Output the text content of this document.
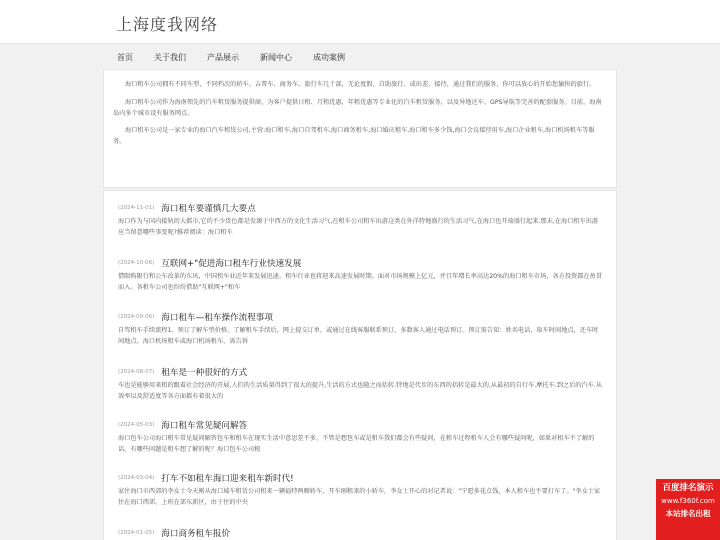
上海度我网络
首页	关于我们	产品展示	新闻中心	成功案例

海口租车公司拥有不同车型、不同档次的轿车、吉普车、商务车、旅行车几十部，无论度假、自助旅行、或出差、接待，通过我们的服务，你可以放心的开始您愉快的旅行。

海口租车公司作为海南领先的汽车租赁服务提供商，为客户提供日租、月租优惠，年租优惠等专业化的汽车租赁服务，以及异地还车、GPS导航等完善的配套服务。目前，海南岛内多个城市设有服务网点。

海口租车公司是一家专业的海口汽车租赁公司,主营:海口租车,海口自驾租车,海口商务租车,海口婚庆租车,海口租车多少钱,海口会议接待用车,海口企业租车,海口机场租车等服务。

(2024-11-01) 海口租车要谨慎几大要点
海口作为与国内接轨的大都市,它的不少货色都是发源于中西方的文化生活习气,在租车公司租车出游这类在外洋特地盛行的生活习气,在海口也开端盛行起来.那末,在海口租车出游应当留意哪些事变呢?推荐阅读：海口租车
(2024-10-06) 互联网+"促进海口租车行业快速发展
借限购限行和公车改革的东风，中国租车业近年来发展迅速。租车行业也将迎来高速发展时期。面对市场规模上亿元，并且年增长率高达20%的海口租车市场，各方投资都在鱼贯而入。各租车公司也纷纷借助"互联网+"和车
(2024-09-06) 海口租车—租车操作流程事项
自驾租车手续流程1、预订了解车型价格，了解租车手续后，网上提交订单，或通过在线客服联系预订，多数客人通过电话预订。预订需告知：姓名电话，取车时间地点，还车时间地点。海口机场租车或海口机场租车，需告诉
(2024-08-07) 租车是一种很好的方式
车也是能够用来租的跟着社会经济的开展,人们的生活质量得到了很大的提升,生活的方式也随之而括转.特地是代步的东西的括转是最大的,从最初的自行车.摩托车.到之后的汽车.从效率以及舒适度等各方面都有着很大的
(2024-05-03) 海口租车常见疑问解答
海口包车公司海口租车常见疑问解答包车和租车在现实生活中意思差不多，不管是想包车或是租车我们都会有些疑问，在租车过程租车人会有哪些疑问呢，如果对租车不了解的话，有哪些问题是租车想了解的呢？海口包车公司根
(2024-03-04) 打车不如租车海口迎来租车新时代!
家住海口市西郊的李女士今天刚从海口域车租赁公司租来一辆福特两厢轿车，开车刚租来的小轿车，李女士开心的对记者说："宁愿多花点钱，本人租车也不要打车了。"李女士家住在海口西郊，上班在郊东新区，由于住的中央
(2024-01-05) 海口商务租车报价
百度排名演示
www.f360f.com
本站排名出租
